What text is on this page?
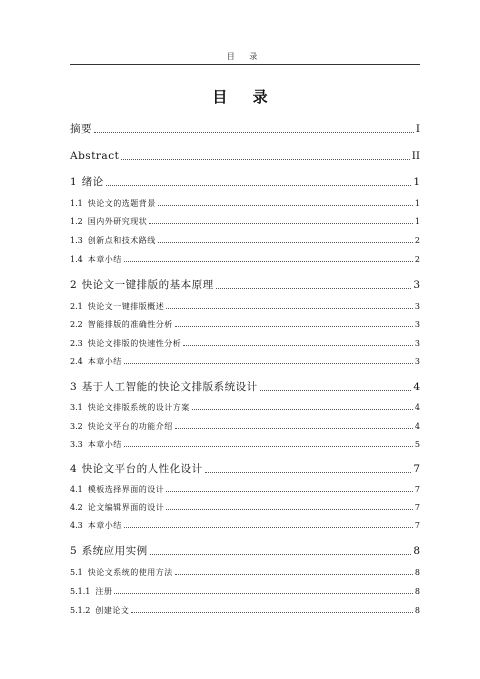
目 录
目 录
摘要	I
Abstract	II
1 绪论	1
1.1 快论文的选题背景	1
1.2 国内外研究现状	1
1.3 创新点和技术路线	2
1.4 本章小结	2
2 快论文一键排版的基本原理	3
2.1 快论文一键排版概述	3
2.2 智能排版的准确性分析	3
2.3 快论文排版的快速性分析	3
2.4 本章小结	3
3 基于人工智能的快论文排版系统设计	4
3.1 快论文排版系统的设计方案	4
3.2 快论文平台的功能介绍	4
3.3 本章小结	5
4 快论文平台的人性化设计	7
4.1 模板选择界面的设计	7
4.2 论文编辑界面的设计	7
4.3 本章小结	7
5 系统应用实例	8
5.1 快论文系统的使用方法	8
5.1.1 注册	8
5.1.2 创建论文	8
